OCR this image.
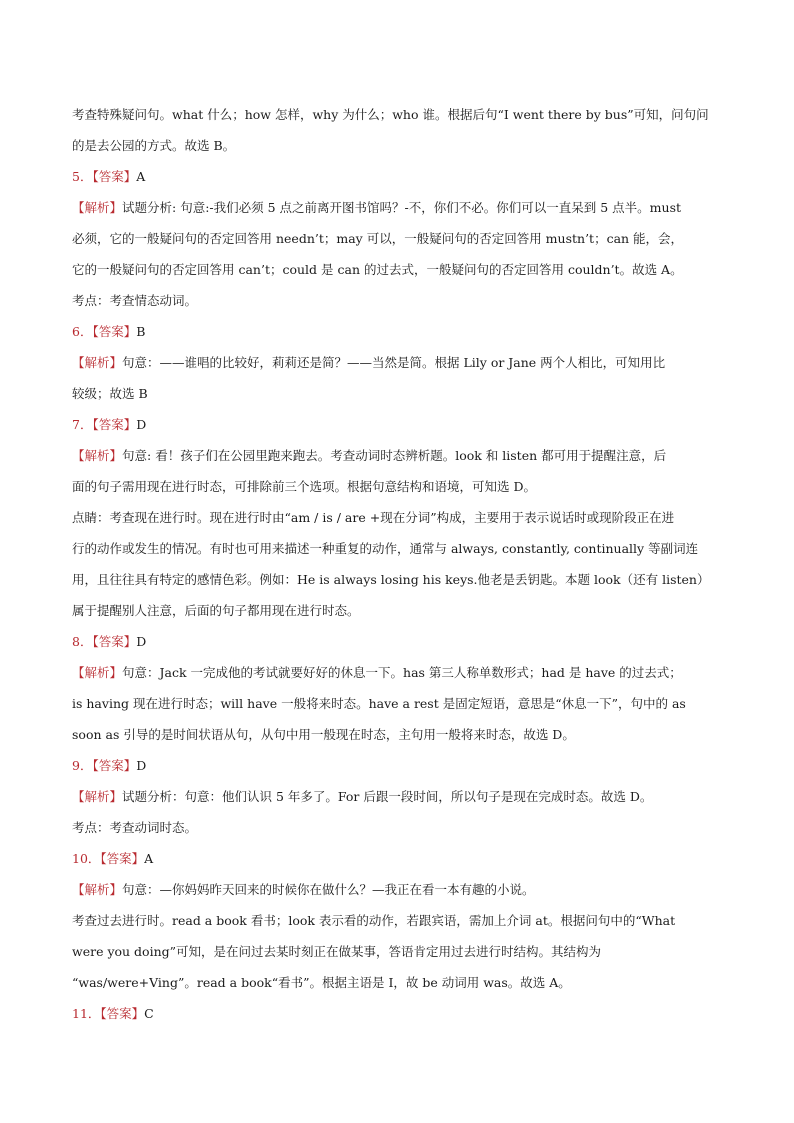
考查特殊疑问句。what 什么；how 怎样，why 为什么；who 谁。根据后句“I went there by bus”可知，问句问
的是去公园的方式。故选 B。
5．【答案】A
【解析】试题分析: 句意:-我们必须 5 点之前离开图书馆吗？-不，你们不必。你们可以一直呆到 5 点半。must
必须，它的一般疑问句的否定回答用 needn’t；may 可以，一般疑问句的否定回答用 mustn’t；can 能，会，
它的一般疑问句的否定回答用 can’t；could 是 can 的过去式，一般疑问句的否定回答用 couldn’t。故选 A。
考点：考查情态动词。
6．【答案】B
【解析】句意：——谁唱的比较好，莉莉还是简？——当然是简。根据 Lily or Jane 两个人相比，可知用比
较级；故选 B
7．【答案】D
【解析】句意: 看！孩子们在公园里跑来跑去。考查动词时态辨析题。look 和 listen 都可用于提醒注意，后
面的句子需用现在进行时态，可排除前三个选项。根据句意结构和语境，可知选 D。
点睛：考查现在进行时。现在进行时由“am / is / are +现在分词”构成，主要用于表示说话时或现阶段正在进
行的动作或发生的情况。有时也可用来描述一种重复的动作，通常与 always, constantly, continually 等副词连
用，且往往具有特定的感情色彩。例如：He is always losing his keys.他老是丢钥匙。本题 look（还有 listen）
属于提醒别人注意，后面的句子都用现在进行时态。
8．【答案】D
【解析】句意：Jack 一完成他的考试就要好好的休息一下。has 第三人称单数形式；had 是 have 的过去式；
is having 现在进行时态；will have 一般将来时态。have a rest 是固定短语，意思是“休息一下”，句中的 as
soon as 引导的是时间状语从句，从句中用一般现在时态，主句用一般将来时态，故选 D。
9．【答案】D
【解析】试题分析：句意：他们认识 5 年多了。For 后跟一段时间，所以句子是现在完成时态。故选 D。
考点：考查动词时态。
10．【答案】A
【解析】句意：—你妈妈昨天回来的时候你在做什么？—我正在看一本有趣的小说。
考查过去进行时。read a book 看书；look 表示看的动作，若跟宾语，需加上介词 at。根据问句中的“What
were you doing”可知，是在问过去某时刻正在做某事，答语肯定用过去进行时结构。其结构为
“was/were+Ving”。read a book“看书”。根据主语是 I，故 be 动词用 was。故选 A。
11．【答案】C
